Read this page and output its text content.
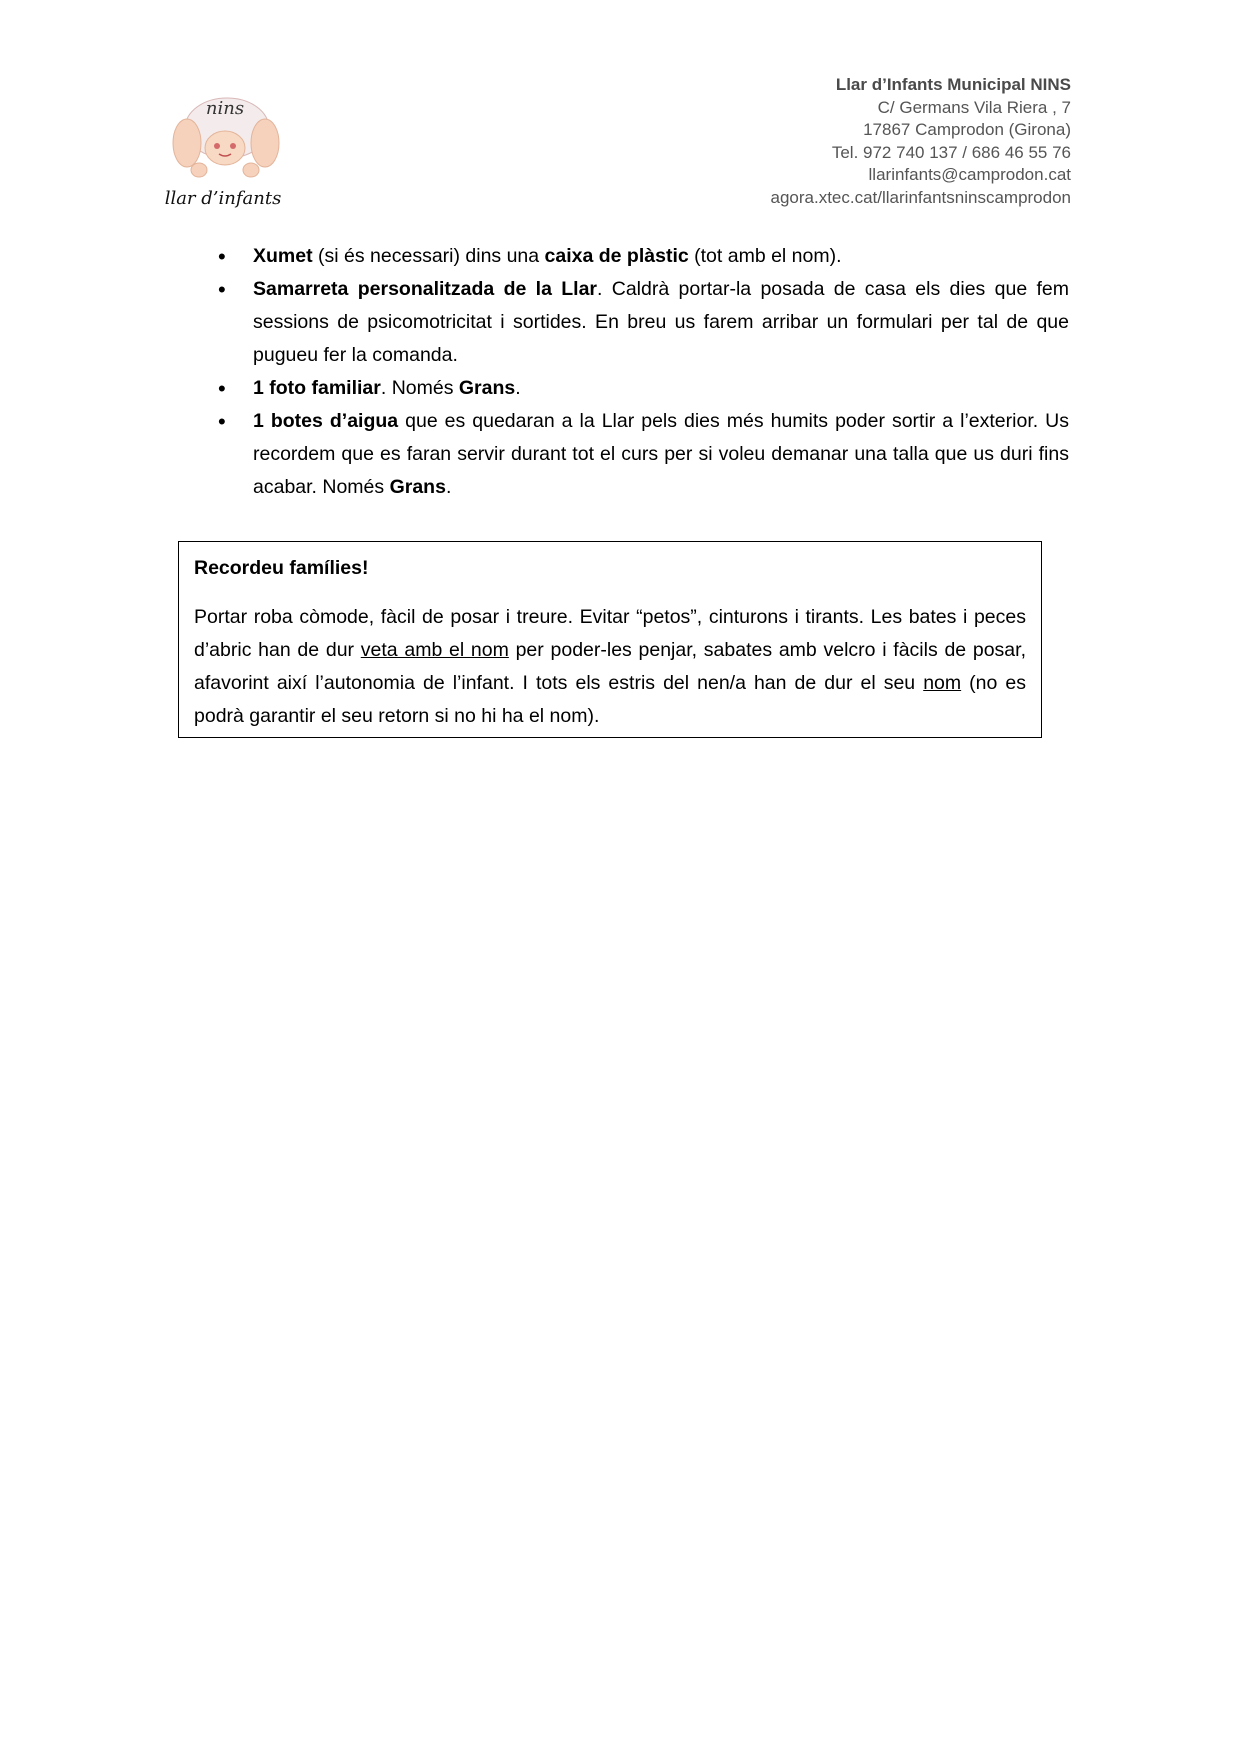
nins
llar d’infants
Llar d’Infants Municipal NINS
C/ Germans Vila Riera , 7
17867 Camprodon (Girona)
Tel. 972 740 137 / 686 46 55 76
llarinfants@camprodon.cat
agora.xtec.cat/llarinfantsninscamprodon
• Xumet (si és necessari) dins una caixa de plàstic (tot amb el nom).
• Samarreta personalitzada de la Llar. Caldrà portar-la posada de casa els dies que fem sessions de psicomotricitat i sortides. En breu us farem arribar un formulari per tal de que pugueu fer la comanda.
• 1 foto familiar. Només Grans.
• 1 botes d’aigua que es quedaran a la Llar pels dies més humits poder sortir a l’exterior. Us recordem que es faran servir durant tot el curs per si voleu demanar una talla que us duri fins acabar. Només Grans.
Recordeu famílies!
Portar roba còmode, fàcil de posar i treure. Evitar “petos”, cinturons i tirants. Les bates i peces d’abric han de dur veta amb el nom per poder-les penjar, sabates amb velcro i fàcils de posar, afavorint així l’autonomia de l’infant. I tots els estris del nen/a han de dur el seu nom (no es podrà garantir el seu retorn si no hi ha el nom).
